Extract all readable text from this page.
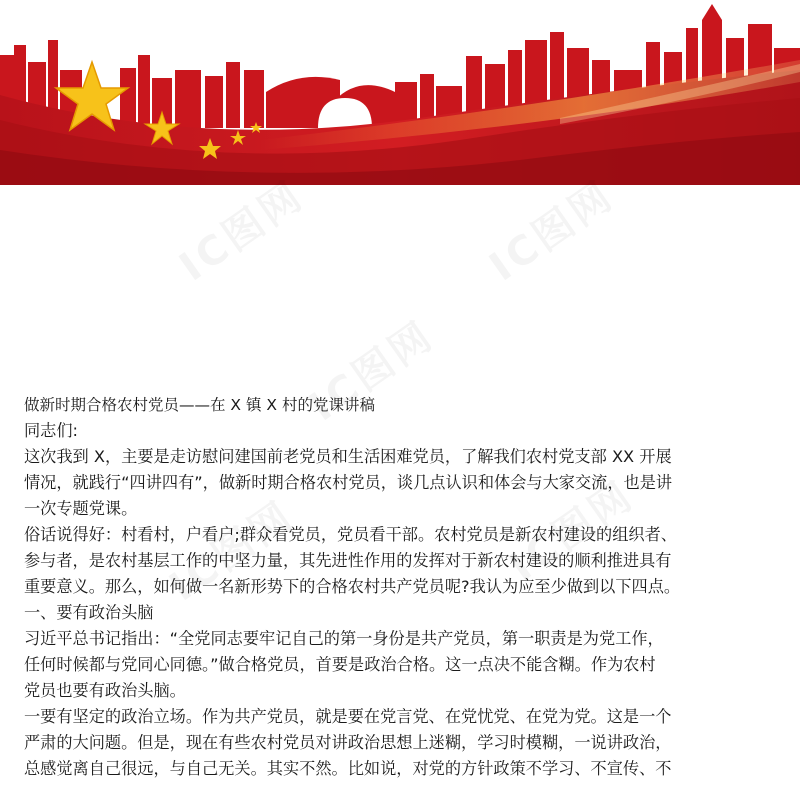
做新时期合格农村党员——在 X 镇 X 村的党课讲稿
同志们:
这次我到 X，主要是走访慰问建国前老党员和生活困难党员，了解我们农村党支部 XX 开展
情况，就践行“四讲四有”，做新时期合格农村党员，谈几点认识和体会与大家交流，也是讲
一次专题党课。
俗话说得好：村看村，户看户;群众看党员，党员看干部。农村党员是新农村建设的组织者、
参与者，是农村基层工作的中坚力量，其先进性作用的发挥对于新农村建设的顺利推进具有
重要意义。那么，如何做一名新形势下的合格农村共产党员呢?我认为应至少做到以下四点。
一、要有政治头脑
习近平总书记指出：“全党同志要牢记自己的第一身份是共产党员，第一职责是为党工作，
任何时候都与党同心同德。”做合格党员，首要是政治合格。这一点决不能含糊。作为农村
党员也要有政治头脑。
一要有坚定的政治立场。作为共产党员，就是要在党言党、在党忧党、在党为党。这是一个
严肃的大问题。但是，现在有些农村党员对讲政治思想上迷糊，学习时模糊，一说讲政治，
总感觉离自己很远，与自己无关。其实不然。比如说，对党的方针政策不学习、不宣传、不
